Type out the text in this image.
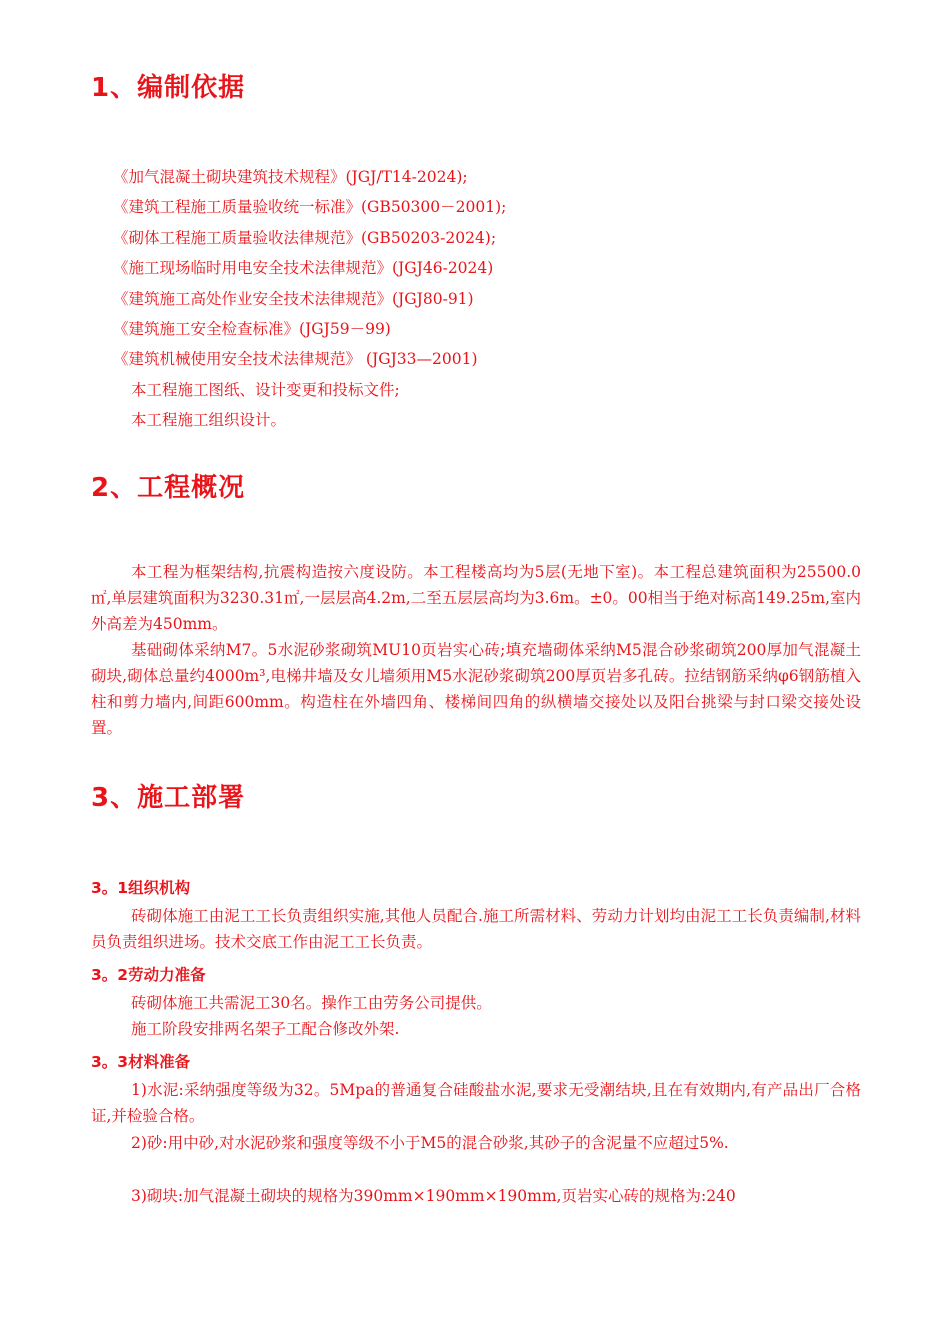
1、编制依据

《加气混凝土砌块建筑技术规程》(JGJ/T14-2024);

《建筑工程施工质量验收统一标准》(GB50300－2001);

《砌体工程施工质量验收法律规范》(GB50203-2024);

《施工现场临时用电安全技术法律规范》(JGJ46-2024)

《建筑施工高处作业安全技术法律规范》(JGJ80-91)

《建筑施工安全检查标准》(JGJ59－99)

《建筑机械使用安全技术法律规范》 (JGJ33—2001)

本工程施工图纸、设计变更和投标文件;

本工程施工组织设计。

2、工程概况

本工程为框架结构,抗震构造按六度设防。本工程楼高均为5层(无地下室)。本工程总建筑面积为25500.0㎡,单层建筑面积为3230.31㎡,一层层高4.2m,二至五层层高均为3.6m。±0。00相当于绝对标高149.25m,室内外高差为450mm。

基础砌体采纳M7。5水泥砂浆砌筑MU10页岩实心砖;填充墙砌体采纳M5混合砂浆砌筑200厚加气混凝土砌块,砌体总量约4000m³,电梯井墙及女儿墙须用M5水泥砂浆砌筑200厚页岩多孔砖。拉结钢筋采纳φ6钢筋植入柱和剪力墙内,间距600mm。构造柱在外墙四角、楼梯间四角的纵横墙交接处以及阳台挑梁与封口梁交接处设置。

3、施工部署
3。1组织机构

砖砌体施工由泥工工长负责组织实施,其他人员配合.施工所需材料、劳动力计划均由泥工工长负责编制,材料员负责组织进场。技术交底工作由泥工工长负责。

3。2劳动力准备

砖砌体施工共需泥工30名。操作工由劳务公司提供。

施工阶段安排两名架子工配合修改外架.

3。3材料准备

1)水泥:采纳强度等级为32。5Mpa的普通复合硅酸盐水泥,要求无受潮结块,且在有效期内,有产品出厂合格证,并检验合格。

2)砂:用中砂,对水泥砂浆和强度等级不小于M5的混合砂浆,其砂子的含泥量不应超过5%.

3)砌块:加气混凝土砌块的规格为390mm×190mm×190mm,页岩实心砖的规格为:240
